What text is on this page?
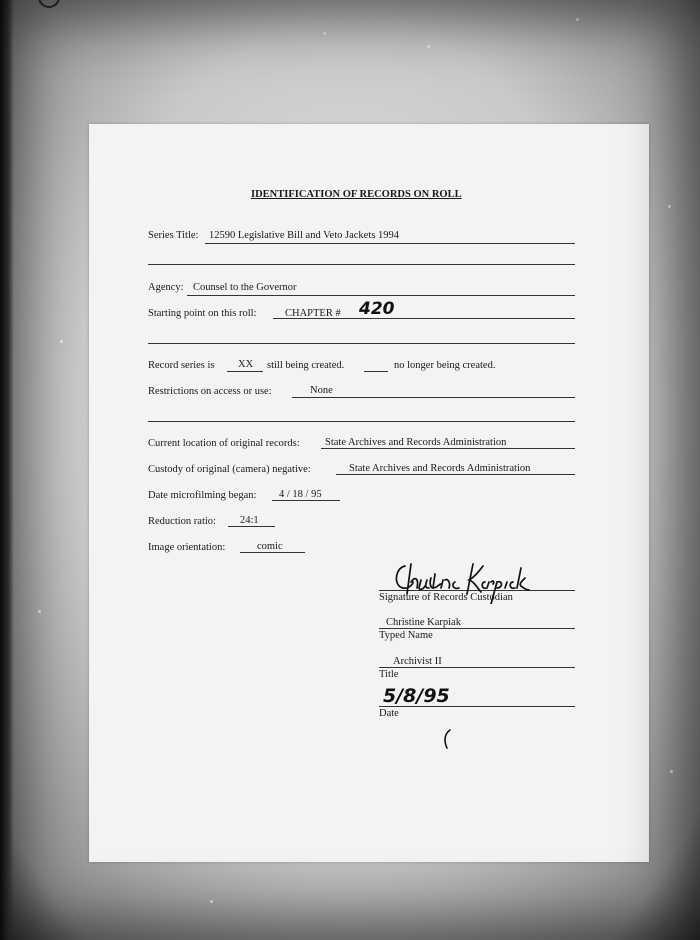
IDENTIFICATION OF RECORDS ON ROLL
Series Title: 12590 Legislative Bill and Veto Jackets 1994
Agency: Counsel to the Governor
Starting point on this roll:	CHAPTER # 420
Record series is XX still being created.	no longer being created.
Restrictions on access or use:	None
Current location of original records: State Archives and Records Administration
Custody of original (camera) negative:	State Archives and Records Administration
Date microfilming began: 4 / 18 / 95
Reduction ratio: 24:1
Image orientation:	comic
Signature of Records Custodian
Christine Karpiak
Typed Name
Archivist II
Title
5/8/95
Date
